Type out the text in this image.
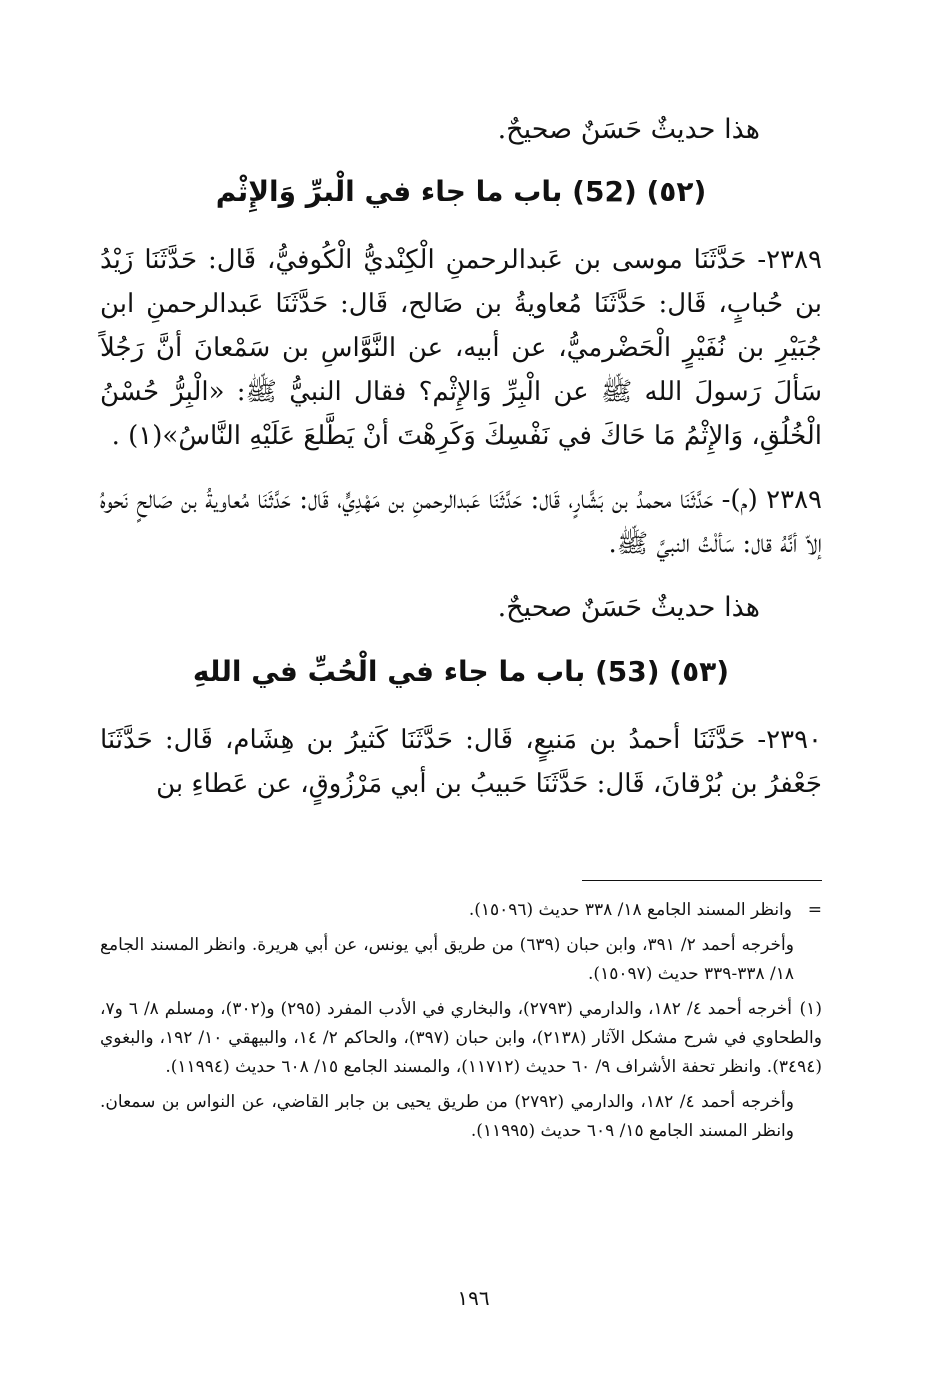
هذا حديثٌ حَسَنٌ صحيحٌ.
(٥٢) (52) باب ما جاء في الْبرِّ وَالإِثْم

٢٣٨٩- حَدَّثَنَا موسى بن عَبدالرحمنِ الْكِنْديُّ الْكُوفيُّ، قَال: حَدَّثَنَا زَيْدُ بن حُبابٍ، قَال: حَدَّثَنَا مُعاويةُ بن صَالح، قَال: حَدَّثَنَا عَبدالرحمنِ ابن جُبَيْرِ بن نُفَيْرٍ الْحَضْرميُّ، عن أبيه، عن النَّوَّاسِ بن سَمْعانَ أنَّ رَجُلاً سَألَ رَسولَ الله ﷺ عن الْبِرِّ وَالإِثْم؟ فقال النبيُّ ﷺ: «الْبِرُّ حُسْنُ الْخُلُقِ، وَالإِثْمُ مَا حَاكَ في نَفْسِكَ وَكَرِهْتَ أنْ يَطَّلعَ عَلَيْهِ النَّاسُ»(١) .

٢٣٨٩ (م)- حَدَّثَنَا محمدُ بن بَشَّارٍ، قَال: حَدَّثَنَا عَبدالرحمنِ بن مَهْدِيٍّ، قَال: حَدَّثَنَا مُعاويةُ بن صَالحٍ نَحوهُ إلاّ أنَّهُ قال: سَألْتُ النبيَّ ﷺ.

هذا حديثٌ حَسَنٌ صحيحٌ.
(٥٣) (53) باب ما جاء في الْحُبِّ في اللهِ

٢٣٩٠- حَدَّثَنَا أحمدُ بن مَنيعٍ، قَال: حَدَّثَنَا كَثيرُ بن هِشَام، قَال: حَدَّثَنَا جَعْفرُ بن بُرْقانَ، قَال: حَدَّثَنَا حَبيبُ بن أبي مَرْزُوقٍ، عن عَطاءِ بن

=وانظر المسند الجامع ١٨/ ٣٣٨ حديث (١٥٠٩٦).
وأخرجه أحمد ٢/ ٣٩١، وابن حبان (٦٣٩) من طريق أبي يونس، عن أبي هريرة. وانظر المسند الجامع ١٨/ ٣٣٨-٣٣٩ حديث (١٥٠٩٧).
(١)أخرجه أحمد ٤/ ١٨٢، والدارمي (٢٧٩٣)، والبخاري في الأدب المفرد (٢٩٥) و(٣٠٢)، ومسلم ٨/ ٦ و٧، والطحاوي في شرح مشكل الآثار (٢١٣٨)، وابن حبان (٣٩٧)، والحاكم ٢/ ١٤، والبيهقي ١٠/ ١٩٢، والبغوي (٣٤٩٤). وانظر تحفة الأشراف ٩/ ٦٠ حديث (١١٧١٢)، والمسند الجامع ١٥/ ٦٠٨ حديث (١١٩٩٤).
وأخرجه أحمد ٤/ ١٨٢، والدارمي (٢٧٩٢) من طريق يحيى بن جابر القاضي، عن النواس بن سمعان. وانظر المسند الجامع ١٥/ ٦٠٩ حديث (١١٩٩٥).
١٩٦
